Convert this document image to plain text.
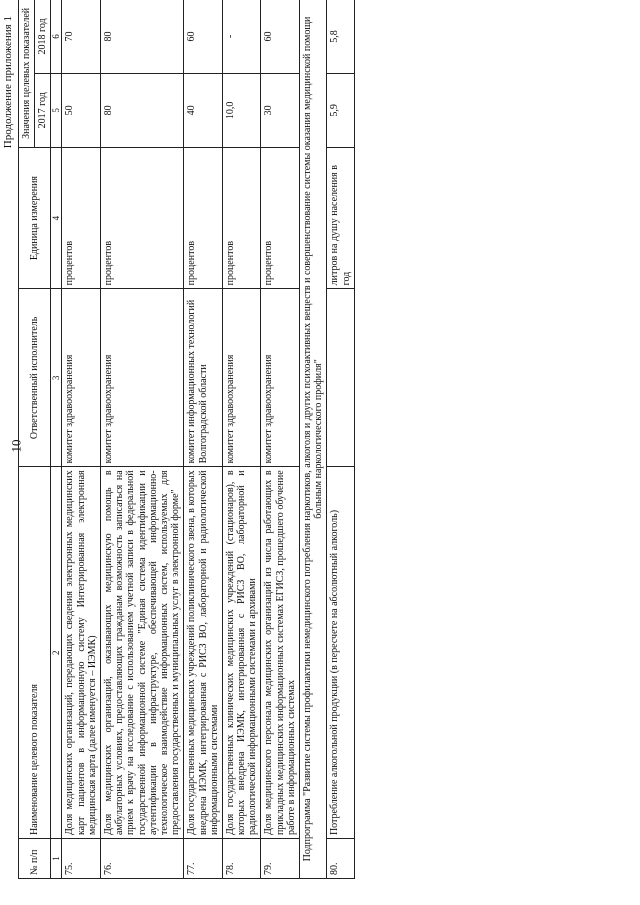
10
Продолжение приложения 1
№ п/п	Наименование целевого показателя	Ответственный исполнитель	Единица измерения	Значения целевых показателей	
				2017 год	2018 год
1	2	3	4	5	6
75.	Доля медицинских организаций, передающих сведения электронных медицинских карт пациентов в информационную систему Интегрированная электронная медицинская карта (далее именуется – ИЭМК)	комитет здравоохранения	процентов	50	70
76.	Доля медицинских организаций, оказывающих медицинскую помощь в амбулаторных условиях, предоставляющих гражданам возможность записаться на прием к врачу на исследование с использованием учетной записи в федеральной государственной информационной системе "Единая система идентификации и аутентификации в инфраструктуре, обеспечивающей информационно-технологическое взаимодействие информационных систем, используемых для предоставления государственных и муниципальных услуг в электронной форме"	комитет здравоохранения	процентов	80	80
77.	Доля государственных медицинских учреждений поликлинического звена, в которых внедрена ИЭМК, интегрированная с РИСЗ ВО, лабораторной и радиологической информационными системами	комитет информационных технологий Волгоградской области	процентов	40	60
78.	Доля государственных клинических медицинских учреждений (стационаров), в которых внедрена ИЭМК, интегрированная с РИСЗ ВО, лабораторной и радиологической информационными системами и архивами	комитет здравоохранения	процентов	10,0	-
79.	Доля медицинского персонала медицинских организаций из числа работающих в прикладных медицинских информационных системах ЕГИСЗ, прошедшего обучение работе в информационных системах	комитет здравоохранения	процентов	30	60
Подпрограмма "Развитие системы профилактики немедицинского потребления наркотиков, алкоголя и других психоактивных веществ и совершенствование системы оказания медицинской помощи больным наркологического профиля"					
80.	Потребление алкогольной продукции (в пересчете на абсолютный алкоголь)		литров на душу населения в год	5,9	5,8
